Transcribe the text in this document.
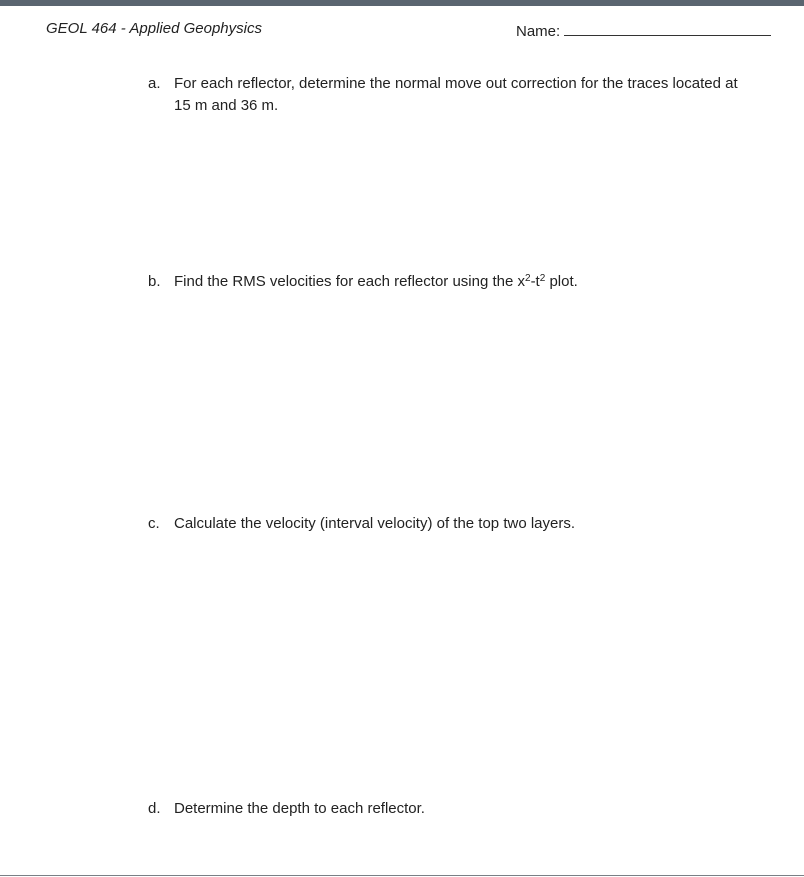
GEOL 464 - Applied Geophysics	Name:
a. For each reflector, determine the normal move out correction for the traces located at 15 m and 36 m.
b. Find the RMS velocities for each reflector using the $x^2-t^2$ plot.
c. Calculate the velocity (interval velocity) of the top two layers.
d. Determine the depth to each reflector.
